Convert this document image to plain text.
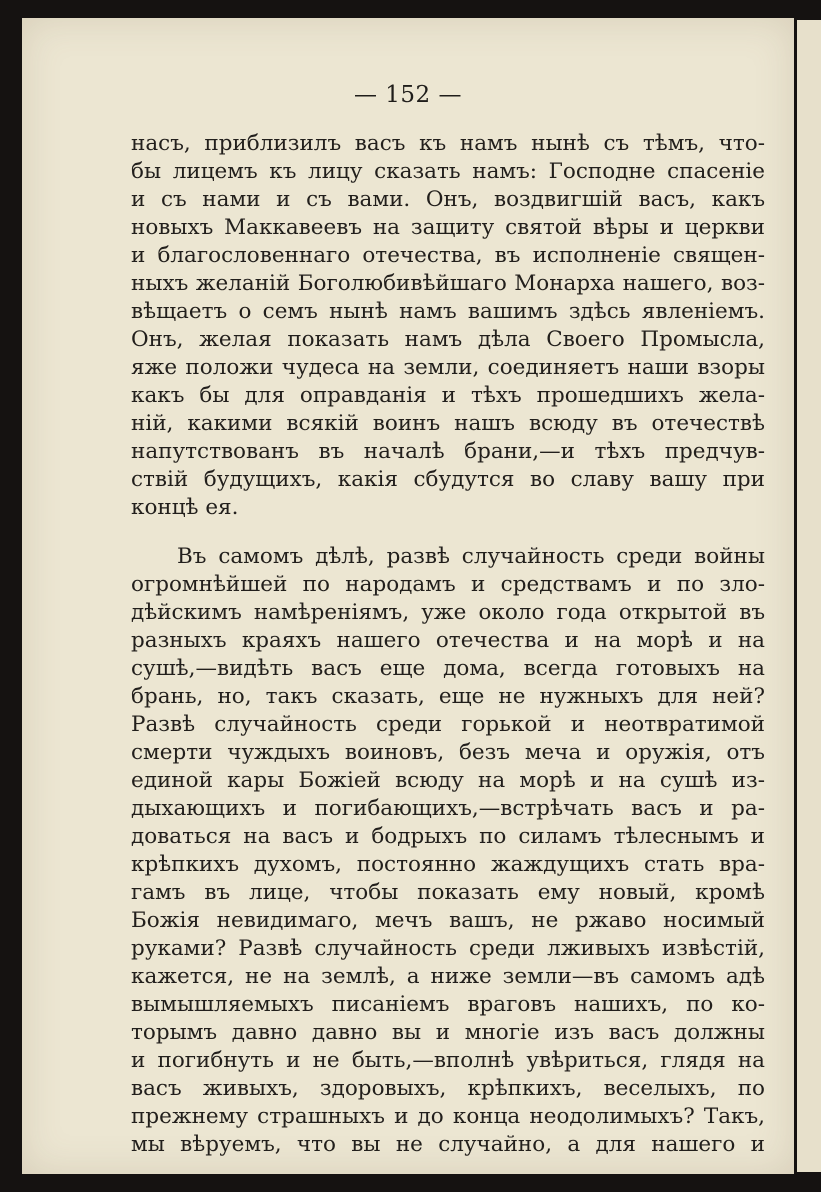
— 152 —
насъ, приблизилъ васъ къ намъ нынѣ съ тѣмъ, что-
бы лицемъ къ лицу сказать намъ: Господне спасеніе
и съ нами и съ вами. Онъ, воздвигшій васъ, какъ
новыхъ Маккавеевъ на защиту святой вѣры и церкви
и благословеннаго отечества, въ исполненіе священ-
ныхъ желаній Боголюбивѣйшаго Монарха нашего, воз-
вѣщаетъ о семъ нынѣ намъ вашимъ здѣсь явленіемъ.
Онъ, желая показать намъ дѣла Своего Промысла,
яже положи чудеса на земли, соединяетъ наши взоры
какъ бы для оправданія и тѣхъ прошедшихъ жела-
ній, какими всякій воинъ нашъ всюду въ отечествѣ
напутствованъ въ началѣ брани,—и тѣхъ предчув-
ствій будущихъ, какія сбудутся во славу вашу при
концѣ ея.
Въ самомъ дѣлѣ, развѣ случайность среди войны
огромнѣйшей по народамъ и средствамъ и по зло-
дѣйскимъ намѣреніямъ, уже около года открытой въ
разныхъ краяхъ нашего отечества и на морѣ и на
сушѣ,—видѣть васъ еще дома, всегда готовыхъ на
брань, но, такъ сказать, еще не нужныхъ для ней?
Развѣ случайность среди горькой и неотвратимой
смерти чуждыхъ воиновъ, безъ меча и оружія, отъ
единой кары Божіей всюду на морѣ и на сушѣ из-
дыхающихъ и погибающихъ,—встрѣчать васъ и ра-
доваться на васъ и бодрыхъ по силамъ тѣлеснымъ и
крѣпкихъ духомъ, постоянно жаждущихъ стать вра-
гамъ въ лице, чтобы показать ему новый, кромѣ
Божія невидимаго, мечъ вашъ, не ржаво носимый
руками? Развѣ случайность среди лживыхъ извѣстій,
кажется, не на землѣ, а ниже земли—въ самомъ адѣ
вымышляемыхъ писаніемъ враговъ нашихъ, по ко-
торымъ давно давно вы и многіе изъ васъ должны
и погибнуть и не быть,—вполнѣ увѣриться, глядя на
васъ живыхъ, здоровыхъ, крѣпкихъ, веселыхъ, по
прежнему страшныхъ и до конца неодолимыхъ? Такъ,
мы вѣруемъ, что вы не случайно, а для нашего и
